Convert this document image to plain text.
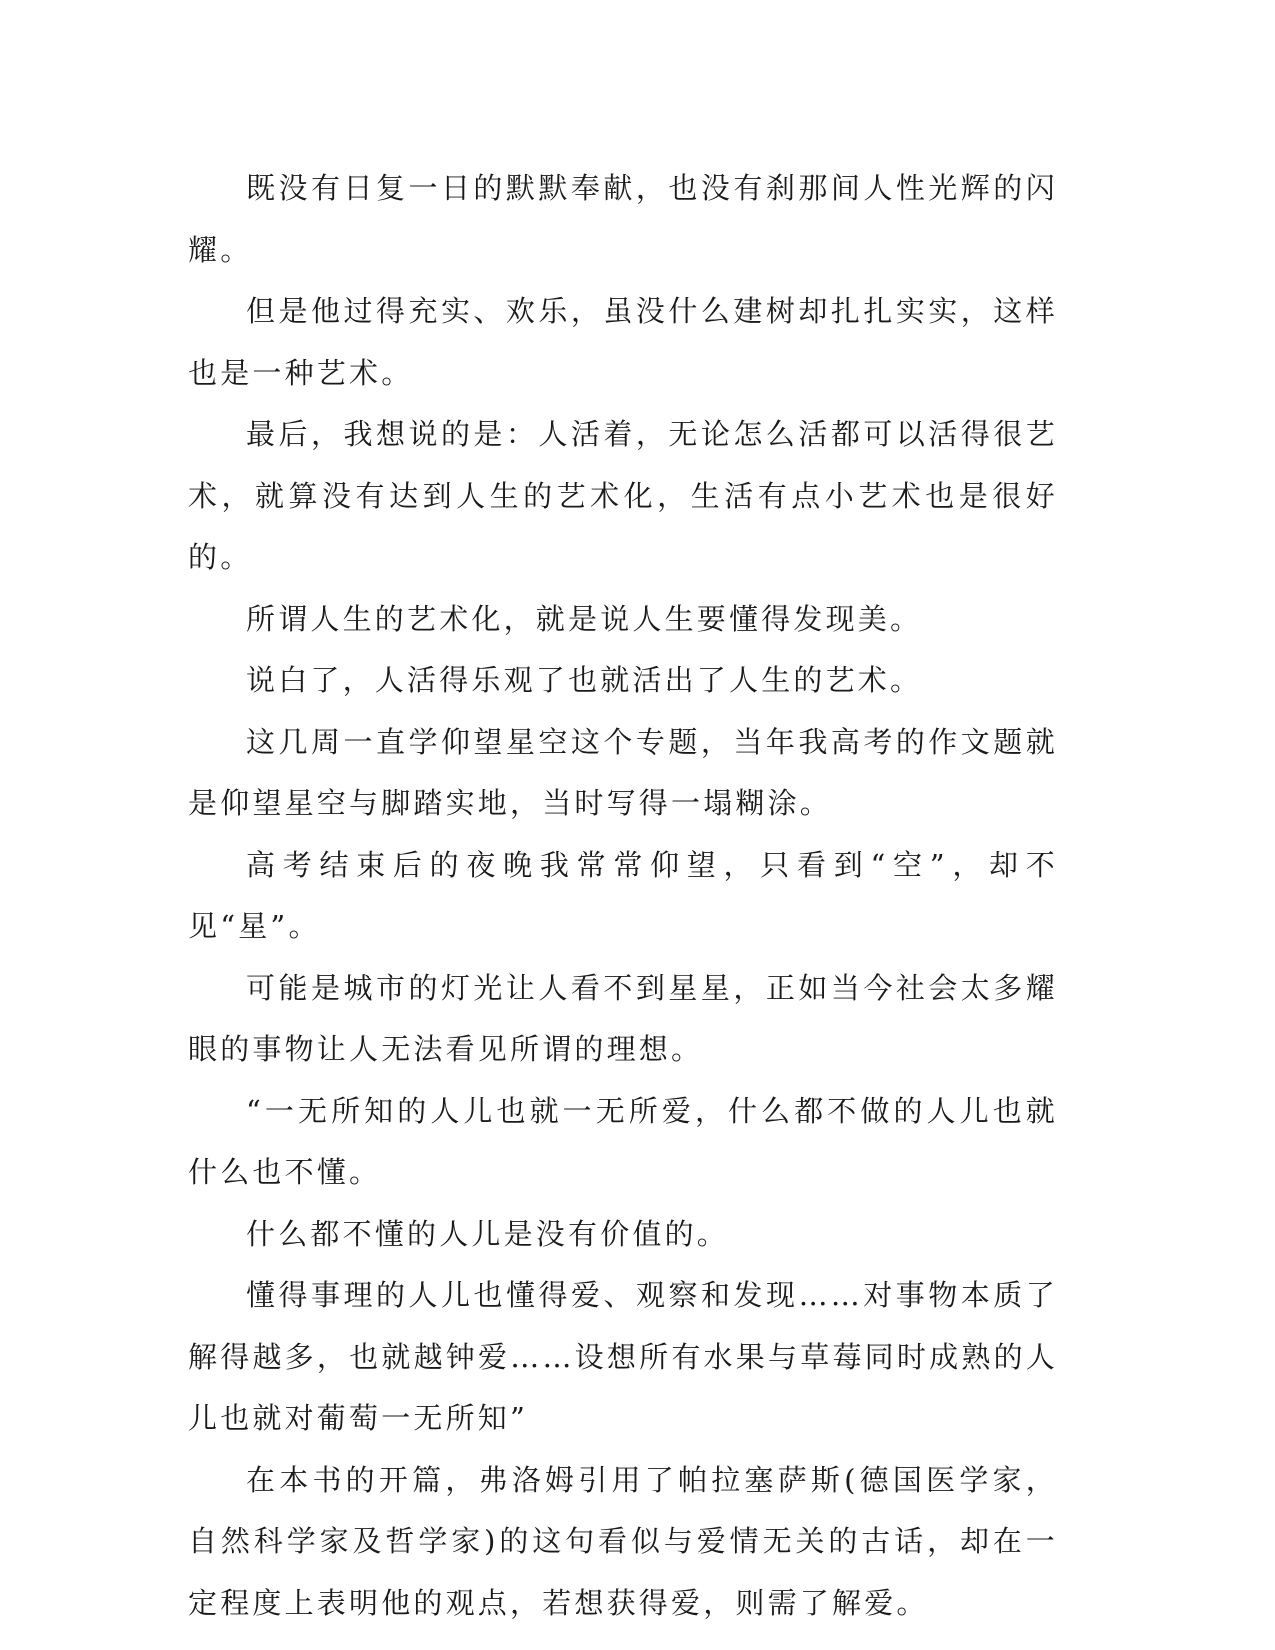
既没有日复一日的默默奉献，也没有刹那间人性光辉的闪耀。

但是他过得充实、欢乐，虽没什么建树却扎扎实实，这样也是一种艺术。

最后，我想说的是：人活着，无论怎么活都可以活得很艺术，就算没有达到人生的艺术化，生活有点小艺术也是很好的。

所谓人生的艺术化，就是说人生要懂得发现美。

说白了，人活得乐观了也就活出了人生的艺术。

这几周一直学仰望星空这个专题，当年我高考的作文题就是仰望星空与脚踏实地，当时写得一塌糊涂。

高考结束后的夜晚我常常仰望，只看到“空”，却不见“星”。

可能是城市的灯光让人看不到星星，正如当今社会太多耀眼的事物让人无法看见所谓的理想。

“一无所知的人儿也就一无所爱，什么都不做的人儿也就什么也不懂。

什么都不懂的人儿是没有价值的。

懂得事理的人儿也懂得爱、观察和发现……对事物本质了解得越多，也就越钟爱……设想所有水果与草莓同时成熟的人儿也就对葡萄一无所知”

在本书的开篇，弗洛姆引用了帕拉塞萨斯(德国医学家，自然科学家及哲学家)的这句看似与爱情无关的古话，却在一定程度上表明他的观点，若想获得爱，则需了解爱。
